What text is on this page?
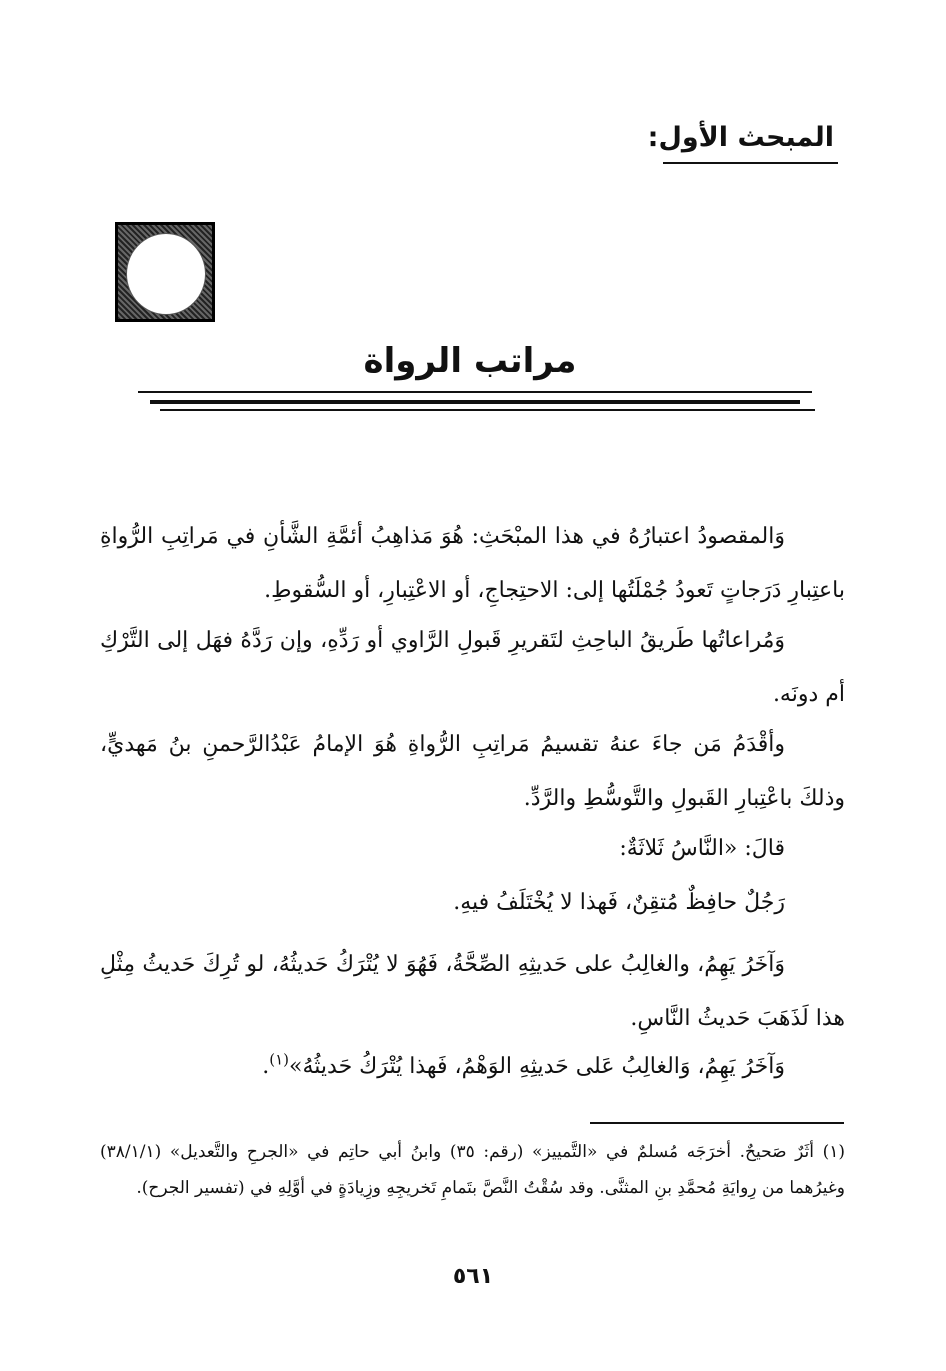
المبحث الأول:
مراتب الرواة

وَالمقصودُ اعتبارُهُ في هذا المبْحَثِ: هُوَ مَذاهِبُ أئمَّةِ الشَّأنِ في مَراتِبِ الرُّواةِ باعتِبارِ دَرَجاتٍ تَعودُ جُمْلَتُها إلى: الاحتِجاجِ، أو الاعْتِبارِ، أو السُّقوطِ.

وَمُراعاتُها طَريقُ الباحِثِ لتَقريرِ قَبولِ الرَّاوي أو رَدِّهِ، وإن رَدَّهُ فهَل إلى التَّرْكِ أم دونَه.

وأقْدَمُ مَن جاءَ عنهُ تقسيمُ مَراتِبِ الرُّواةِ هُوَ الإمامُ عَبْدُالرَّحمنِ بنُ مَهديٍّ، وذلكَ باعْتِبارِ القَبولِ والتَّوسُّطِ والرَّدِّ.

قالَ: «النَّاسُ ثَلاثَةٌ:

رَجُلٌ حافِظٌ مُتقِنٌ، فَهذا لا يُخْتَلَفُ فيهِ.

وَآخَرُ يَهِمُ، والغالِبُ على حَديثِهِ الصِّحَّةُ، فَهُوَ لا يُتْرَكُ حَديثُهُ، لو تُرِكَ حَديثُ مِثْلِ هذا لَذَهَبَ حَديثُ النَّاسِ.

وَآخَرُ يَهِمُ، وَالغالِبُ عَلى حَديثِهِ الوَهْمُ، فَهذا يُتْرَكُ حَديثُهُ»$^{(١)}$.

(١) أثَرٌ صَحيحٌ. أخرَجَه مُسلمٌ في «التَّمييز» (رقم: ٣٥) وابنُ أبي حاتِم في «الجرحِ والتَّعديل» (٣٨/١/١) وغيرُهما من رِوايَةِ مُحمَّدِ بنِ المثنَّى. وقد سُقْتُ النَّصَّ بتَمامِ تَخريجِهِ وزِيادَةٍ في أوَّلِهِ في (تفسير الجرح).

٥٦١
